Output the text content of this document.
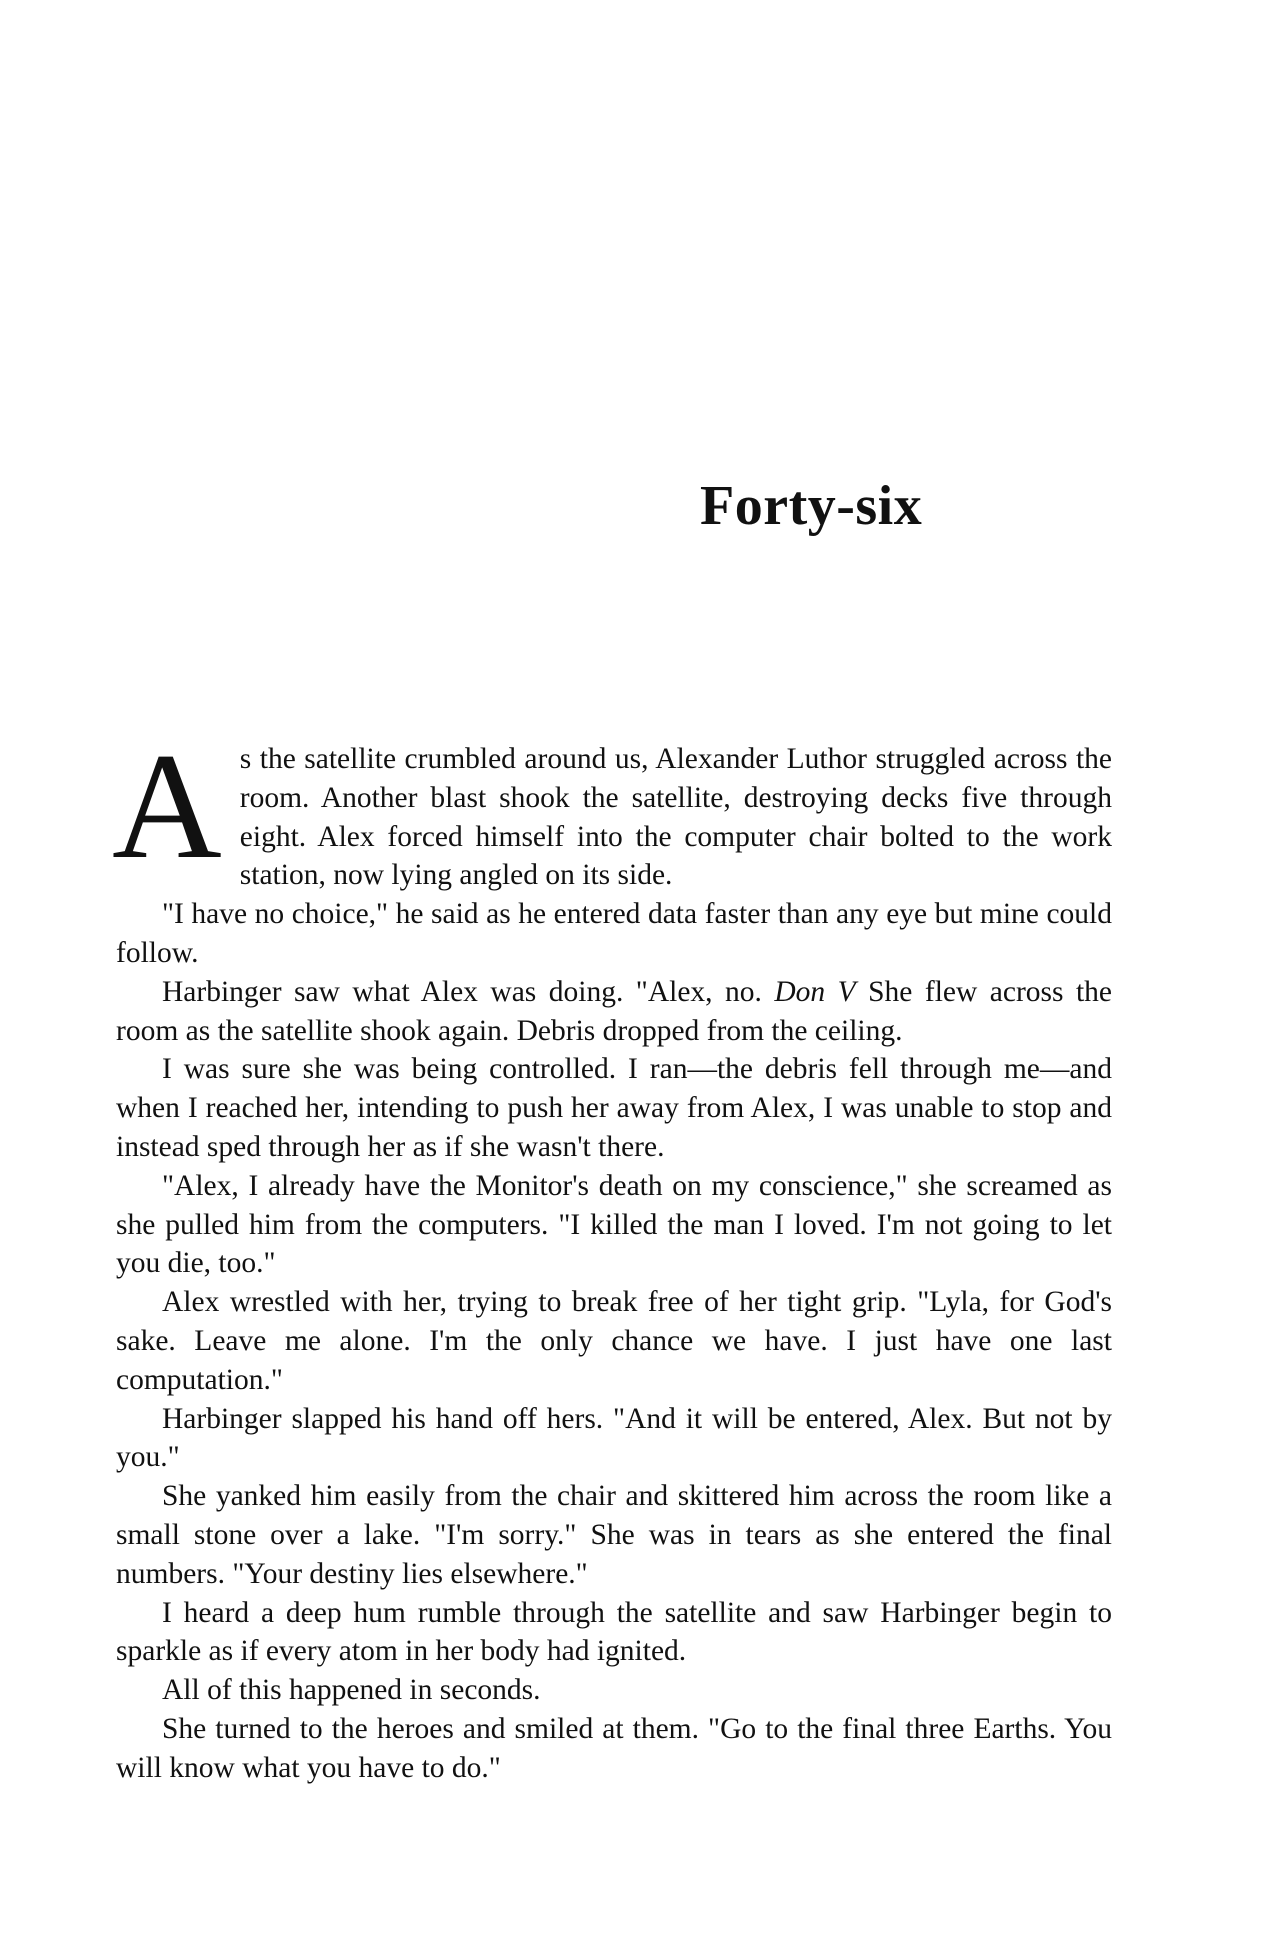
Forty-six

As the satellite crumbled around us, Alexander Luthor struggled across the room. Another blast shook the satellite, destroying decks five through eight. Alex forced himself into the computer chair bolted to the work station, now lying angled on its side.

"I have no choice," he said as he entered data faster than any eye but mine could follow.

Harbinger saw what Alex was doing. "Alex, no. Don V She flew across the room as the satellite shook again. Debris dropped from the ceiling.

I was sure she was being controlled. I ran—the debris fell through me—and when I reached her, intending to push her away from Alex, I was unable to stop and instead sped through her as if she wasn't there.

"Alex, I already have the Monitor's death on my conscience," she screamed as she pulled him from the computers. "I killed the man I loved. I'm not going to let you die, too."

Alex wrestled with her, trying to break free of her tight grip. "Lyla, for God's sake. Leave me alone. I'm the only chance we have. I just have one last computation."

Harbinger slapped his hand off hers. "And it will be entered, Alex. But not by you."

She yanked him easily from the chair and skittered him across the room like a small stone over a lake. "I'm sorry." She was in tears as she entered the final numbers. "Your destiny lies elsewhere."

I heard a deep hum rumble through the satellite and saw Harbinger begin to sparkle as if every atom in her body had ignited.

All of this happened in seconds.

She turned to the heroes and smiled at them. "Go to the final three Earths. You will know what you have to do."
